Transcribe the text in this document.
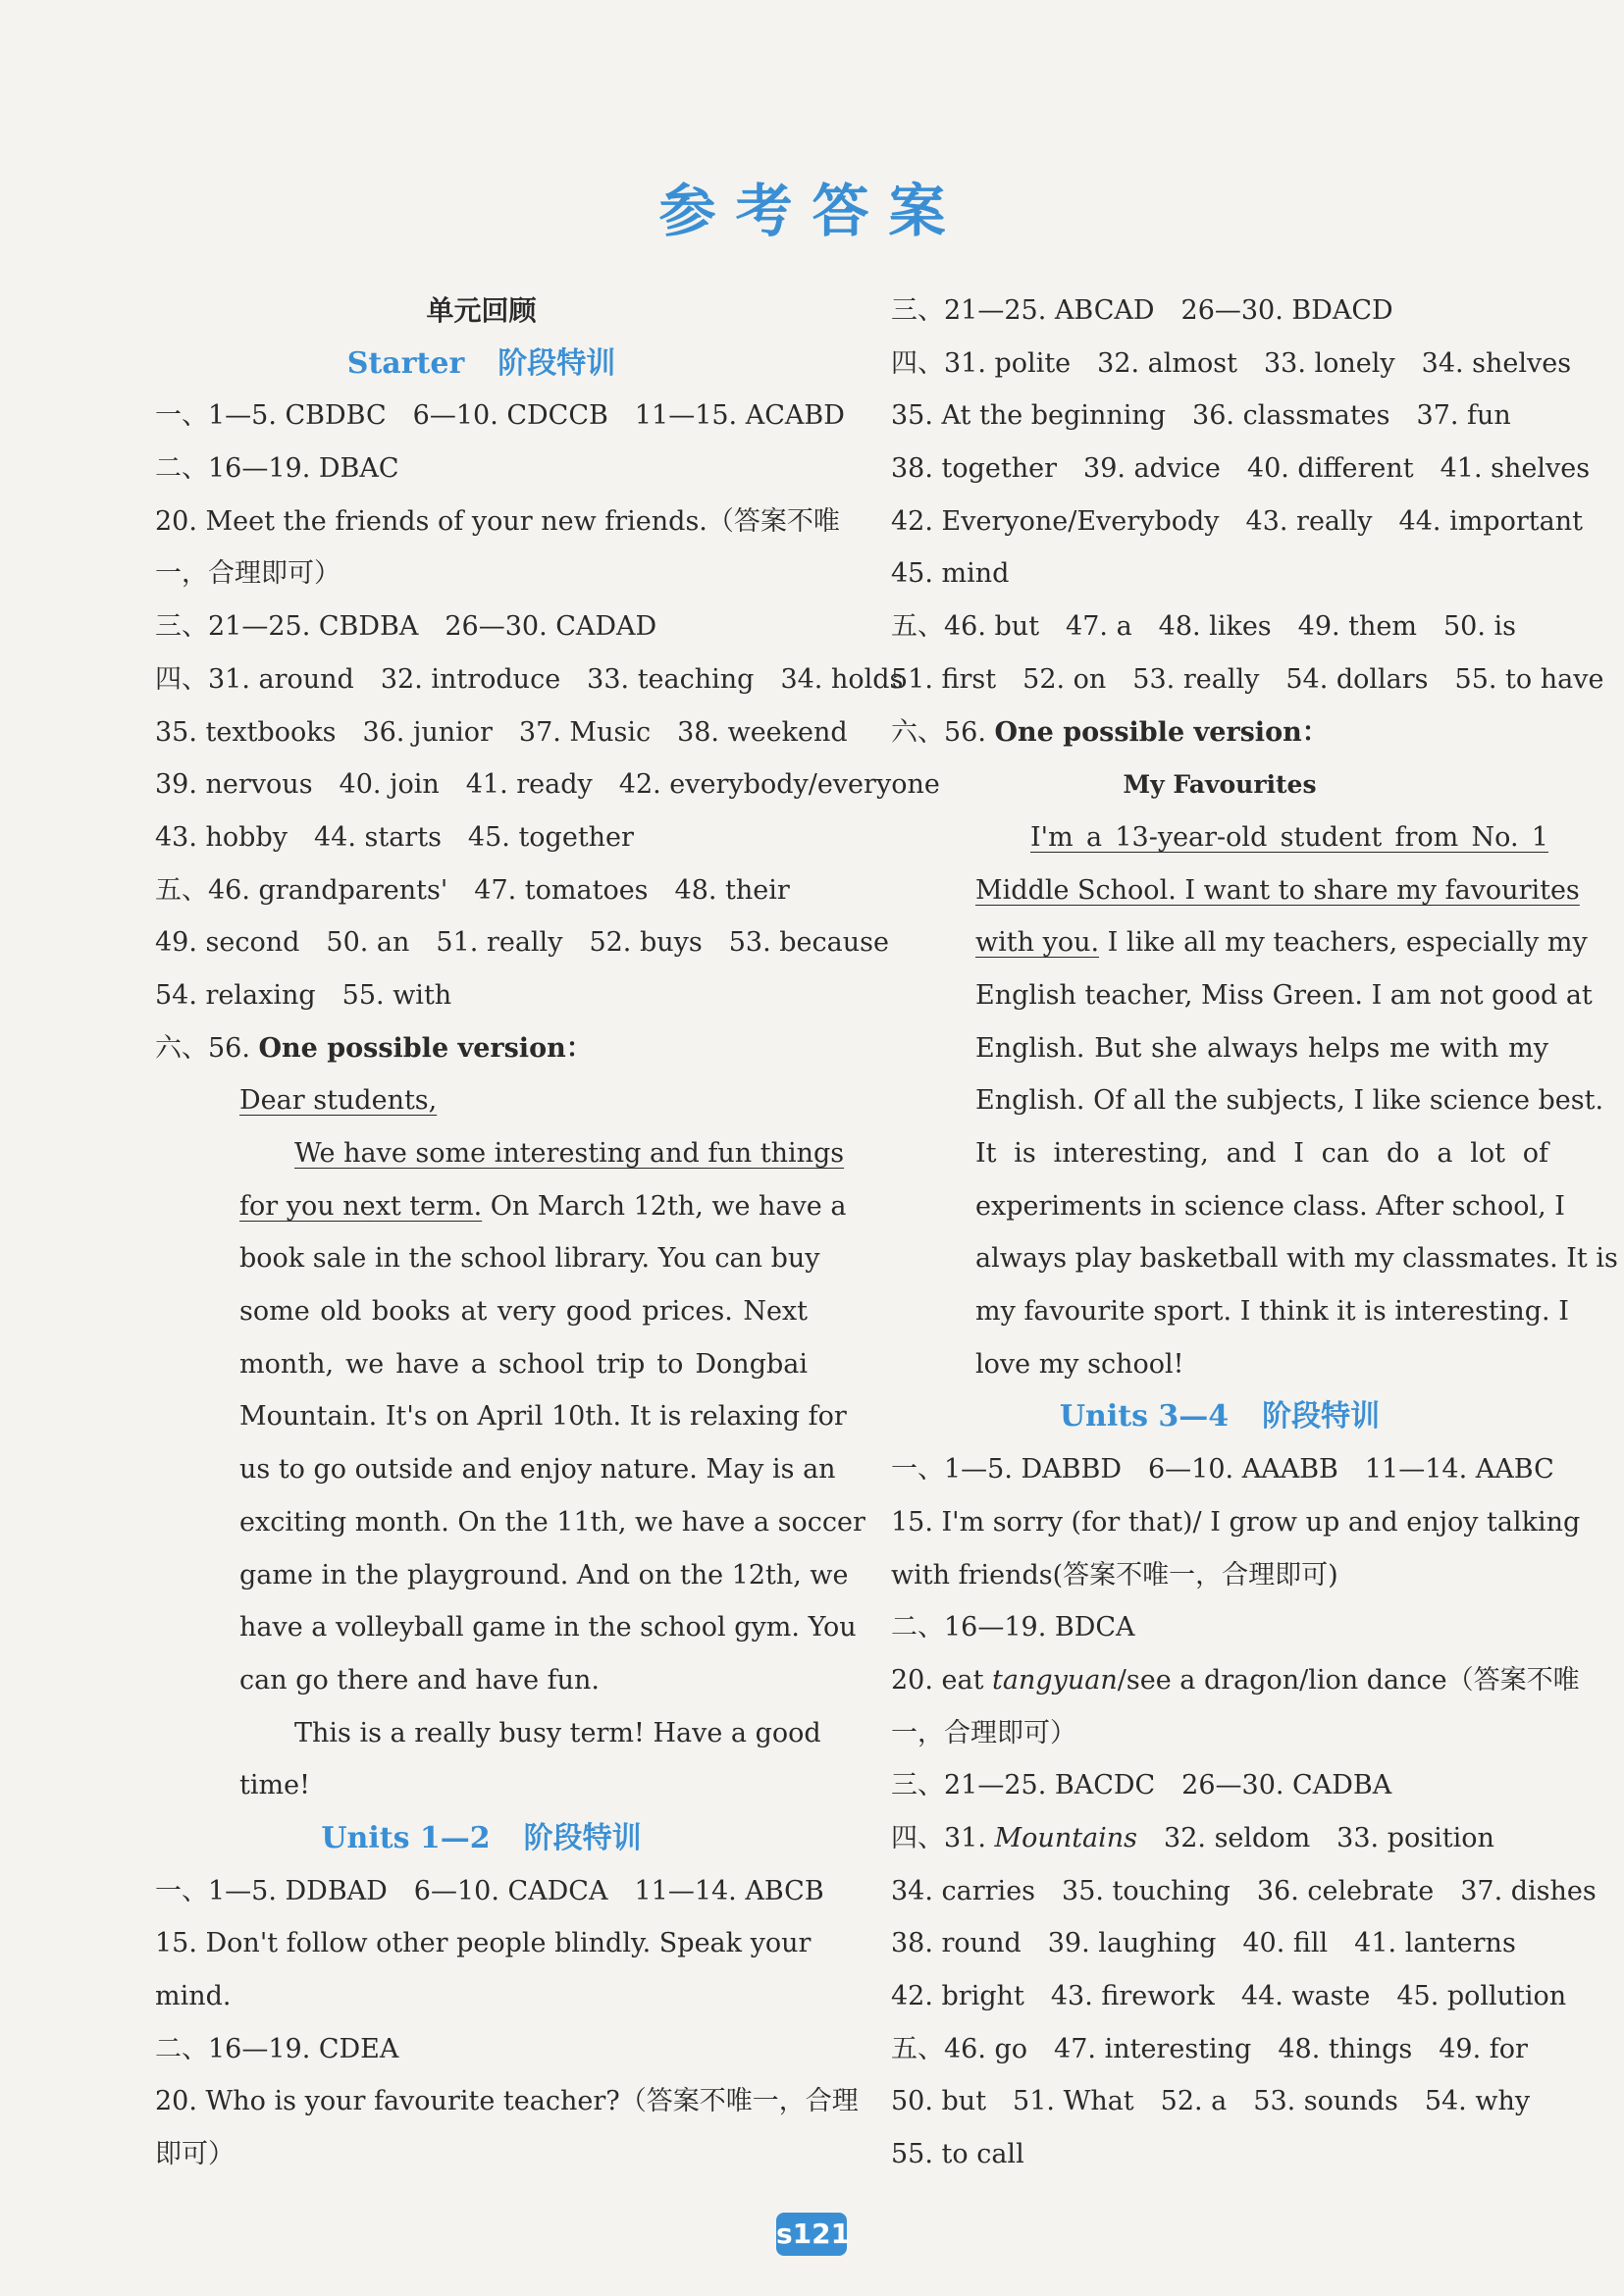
参考答案
单元回顾
Starter 阶段特训
一、1—5. CBDBC　6—10. CDCCB　11—15. ACABD
二、16—19. DBAC
20. Meet the friends of your new friends.（答案不唯
一，合理即可）
三、21—25. CBDBA　26—30. CADAD
四、31. around　32. introduce　33. teaching　34. holds
35. textbooks　36. junior　37. Music　38. weekend
39. nervous　40. join　41. ready　42. everybody/everyone
43. hobby　44. starts　45. together
五、46. grandparents'　47. tomatoes　48. their
49. second　50. an　51. really　52. buys　53. because
54. relaxing　55. with
六、56. One possible version：
Dear students,
We have some interesting and fun things
for you next term. On March 12th, we have a
book sale in the school library. You can buy
some old books at very good prices. Next
month, we have a school trip to Dongbai
Mountain. It's on April 10th. It is relaxing for
us to go outside and enjoy nature. May is an
exciting month. On the 11th, we have a soccer
game in the playground. And on the 12th, we
have a volleyball game in the school gym. You
can go there and have fun.
This is a really busy term! Have a good
time!
Units 1—2 阶段特训
一、1—5. DDBAD　6—10. CADCA　11—14. ABCB
15. Don't follow other people blindly. Speak your
mind.
二、16—19. CDEA
20. Who is your favourite teacher?（答案不唯一，合理
即可）
三、21—25. ABCAD　26—30. BDACD
四、31. polite　32. almost　33. lonely　34. shelves
35. At the beginning　36. classmates　37. fun
38. together　39. advice　40. different　41. shelves
42. Everyone/Everybody　43. really　44. important
45. mind
五、46. but　47. a　48. likes　49. them　50. is
51. first　52. on　53. really　54. dollars　55. to have
六、56. One possible version：
My Favourites
I'm a 13-year-old student from No. 1
Middle School. I want to share my favourites
with you. I like all my teachers, especially my
English teacher, Miss Green. I am not good at
English. But she always helps me with my
English. Of all the subjects, I like science best.
It is interesting, and I can do a lot of
experiments in science class. After school, I
always play basketball with my classmates. It is
my favourite sport. I think it is interesting. I
love my school!
Units 3—4 阶段特训
一、1—5. DABBD　6—10. AAABB　11—14. AABC
15. I'm sorry (for that)/ I grow up and enjoy talking
with friends(答案不唯一，合理即可)
二、16—19. BDCA
20. eat tangyuan/see a dragon/lion dance（答案不唯
一，合理即可）
三、21—25. BACDC　26—30. CADBA
四、31. Mountains　32. seldom　33. position
34. carries　35. touching　36. celebrate　37. dishes
38. round　39. laughing　40. fill　41. lanterns
42. bright　43. firework　44. waste　45. pollution
五、46. go　47. interesting　48. things　49. for
50. but　51. What　52. a　53. sounds　54. why
55. to call
s121
